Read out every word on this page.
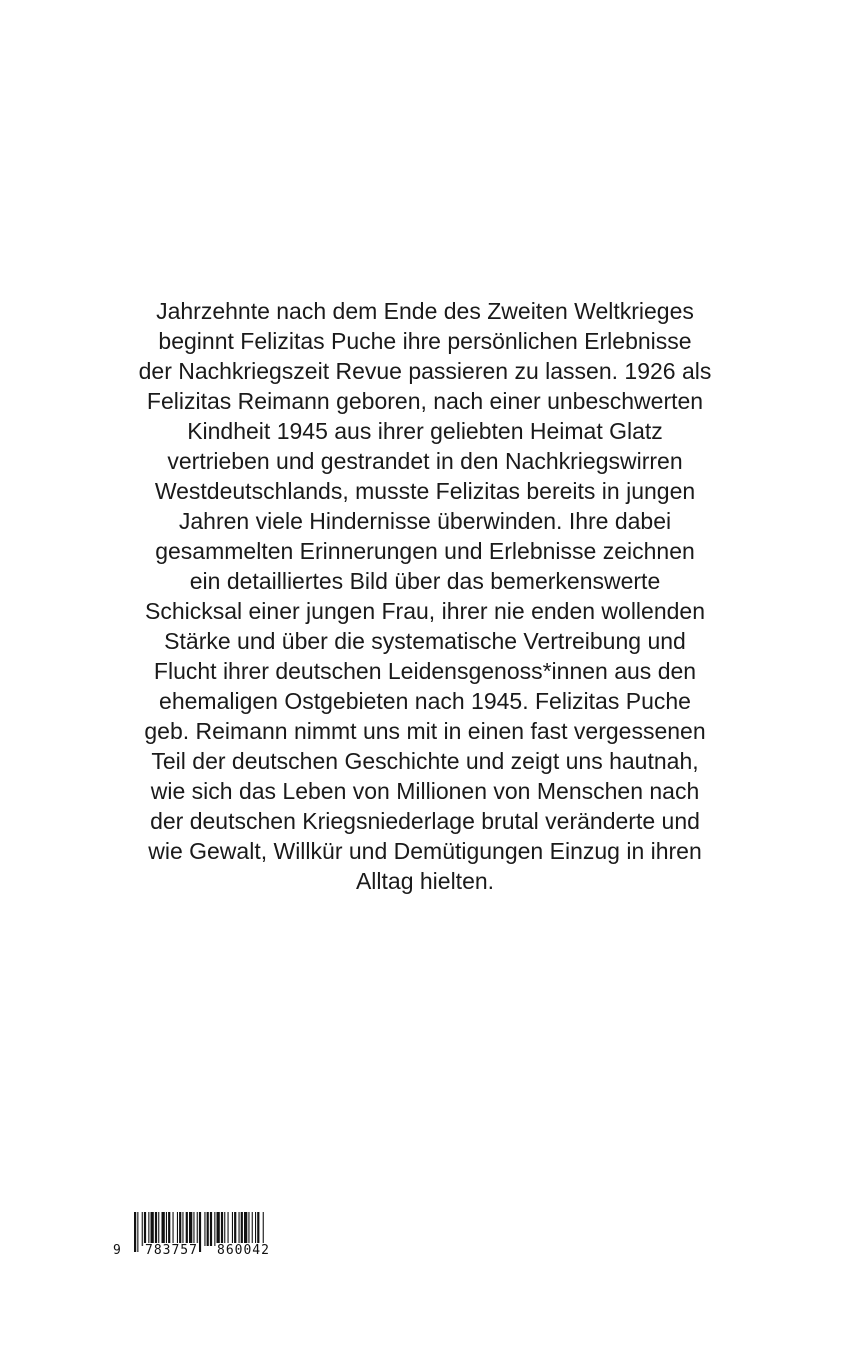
Jahrzehnte nach dem Ende des Zweiten Weltkrieges
beginnt Felizitas Puche ihre persönlichen Erlebnisse
der Nachkriegszeit Revue passieren zu lassen. 1926 als
Felizitas Reimann geboren, nach einer unbeschwerten
Kindheit 1945 aus ihrer geliebten Heimat Glatz
vertrieben und gestrandet in den Nachkriegswirren
Westdeutschlands, musste Felizitas bereits in jungen
Jahren viele Hindernisse überwinden. Ihre dabei
gesammelten Erinnerungen und Erlebnisse zeichnen
ein detailliertes Bild über das bemerkenswerte
Schicksal einer jungen Frau, ihrer nie enden wollenden
Stärke und über die systematische Vertreibung und
Flucht ihrer deutschen Leidensgenoss*innen aus den
ehemaligen Ostgebieten nach 1945. Felizitas Puche
geb. Reimann nimmt uns mit in einen fast vergessenen
Teil der deutschen Geschichte und zeigt uns hautnah,
wie sich das Leben von Millionen von Menschen nach
der deutschen Kriegsniederlage brutal veränderte und
wie Gewalt, Willkür und Demütigungen Einzug in ihren
Alltag hielten.
9 783757 860042
